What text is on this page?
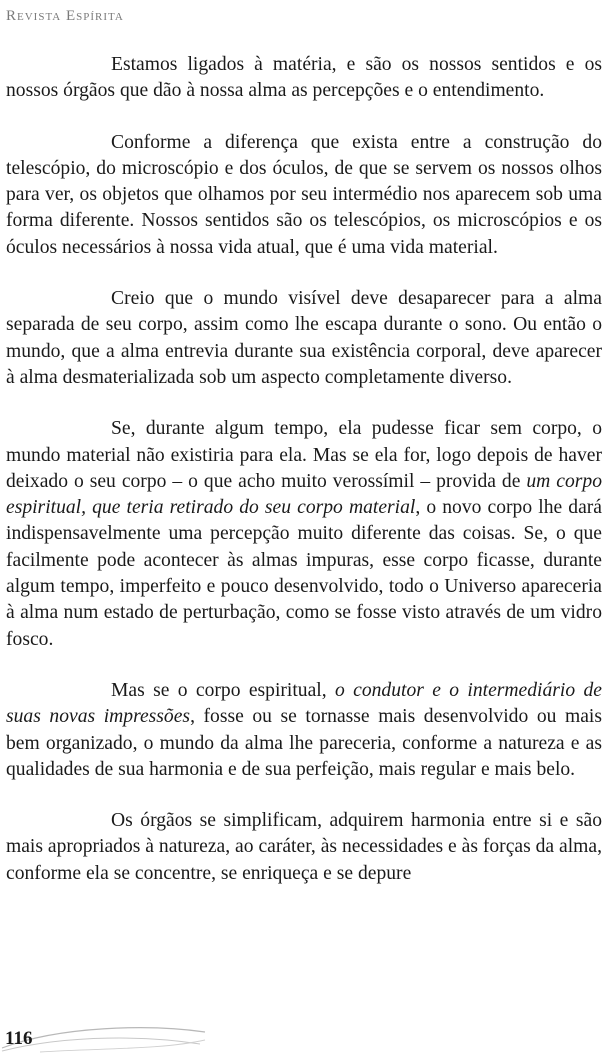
Revista Espírita

Estamos ligados à matéria, e são os nossos sentidos e os nossos órgãos que dão à nossa alma as percepções e o entendimento.

Conforme a diferença que exista entre a construção do telescópio, do microscópio e dos óculos, de que se servem os nossos olhos para ver, os objetos que olhamos por seu intermédio nos aparecem sob uma forma diferente. Nossos sentidos são os telescópios, os microscópios e os óculos necessários à nossa vida atual, que é uma vida material.

Creio que o mundo visível deve desaparecer para a alma separada de seu corpo, assim como lhe escapa durante o sono. Ou então o mundo, que a alma entrevia durante sua existência corporal, deve aparecer à alma desmaterializada sob um aspecto completamente diverso.

Se, durante algum tempo, ela pudesse ficar sem corpo, o mundo material não existiria para ela. Mas se ela for, logo depois de haver deixado o seu corpo – o que acho muito verossímil – provida de um corpo espiritual, que teria retirado do seu corpo material, o novo corpo lhe dará indispensavelmente uma percepção muito diferente das coisas. Se, o que facilmente pode acontecer às almas impuras, esse corpo ficasse, durante algum tempo, imperfeito e pouco desenvolvido, todo o Universo apareceria à alma num estado de perturbação, como se fosse visto através de um vidro fosco.

Mas se o corpo espiritual, o condutor e o intermediário de suas novas impressões, fosse ou se tornasse mais desenvolvido ou mais bem organizado, o mundo da alma lhe pareceria, conforme a natureza e as qualidades de sua harmonia e de sua perfeição, mais regular e mais belo.

Os órgãos se simplificam, adquirem harmonia entre si e são mais apropriados à natureza, ao caráter, às necessidades e às forças da alma, conforme ela se concentre, se enriqueça e se depure

116
